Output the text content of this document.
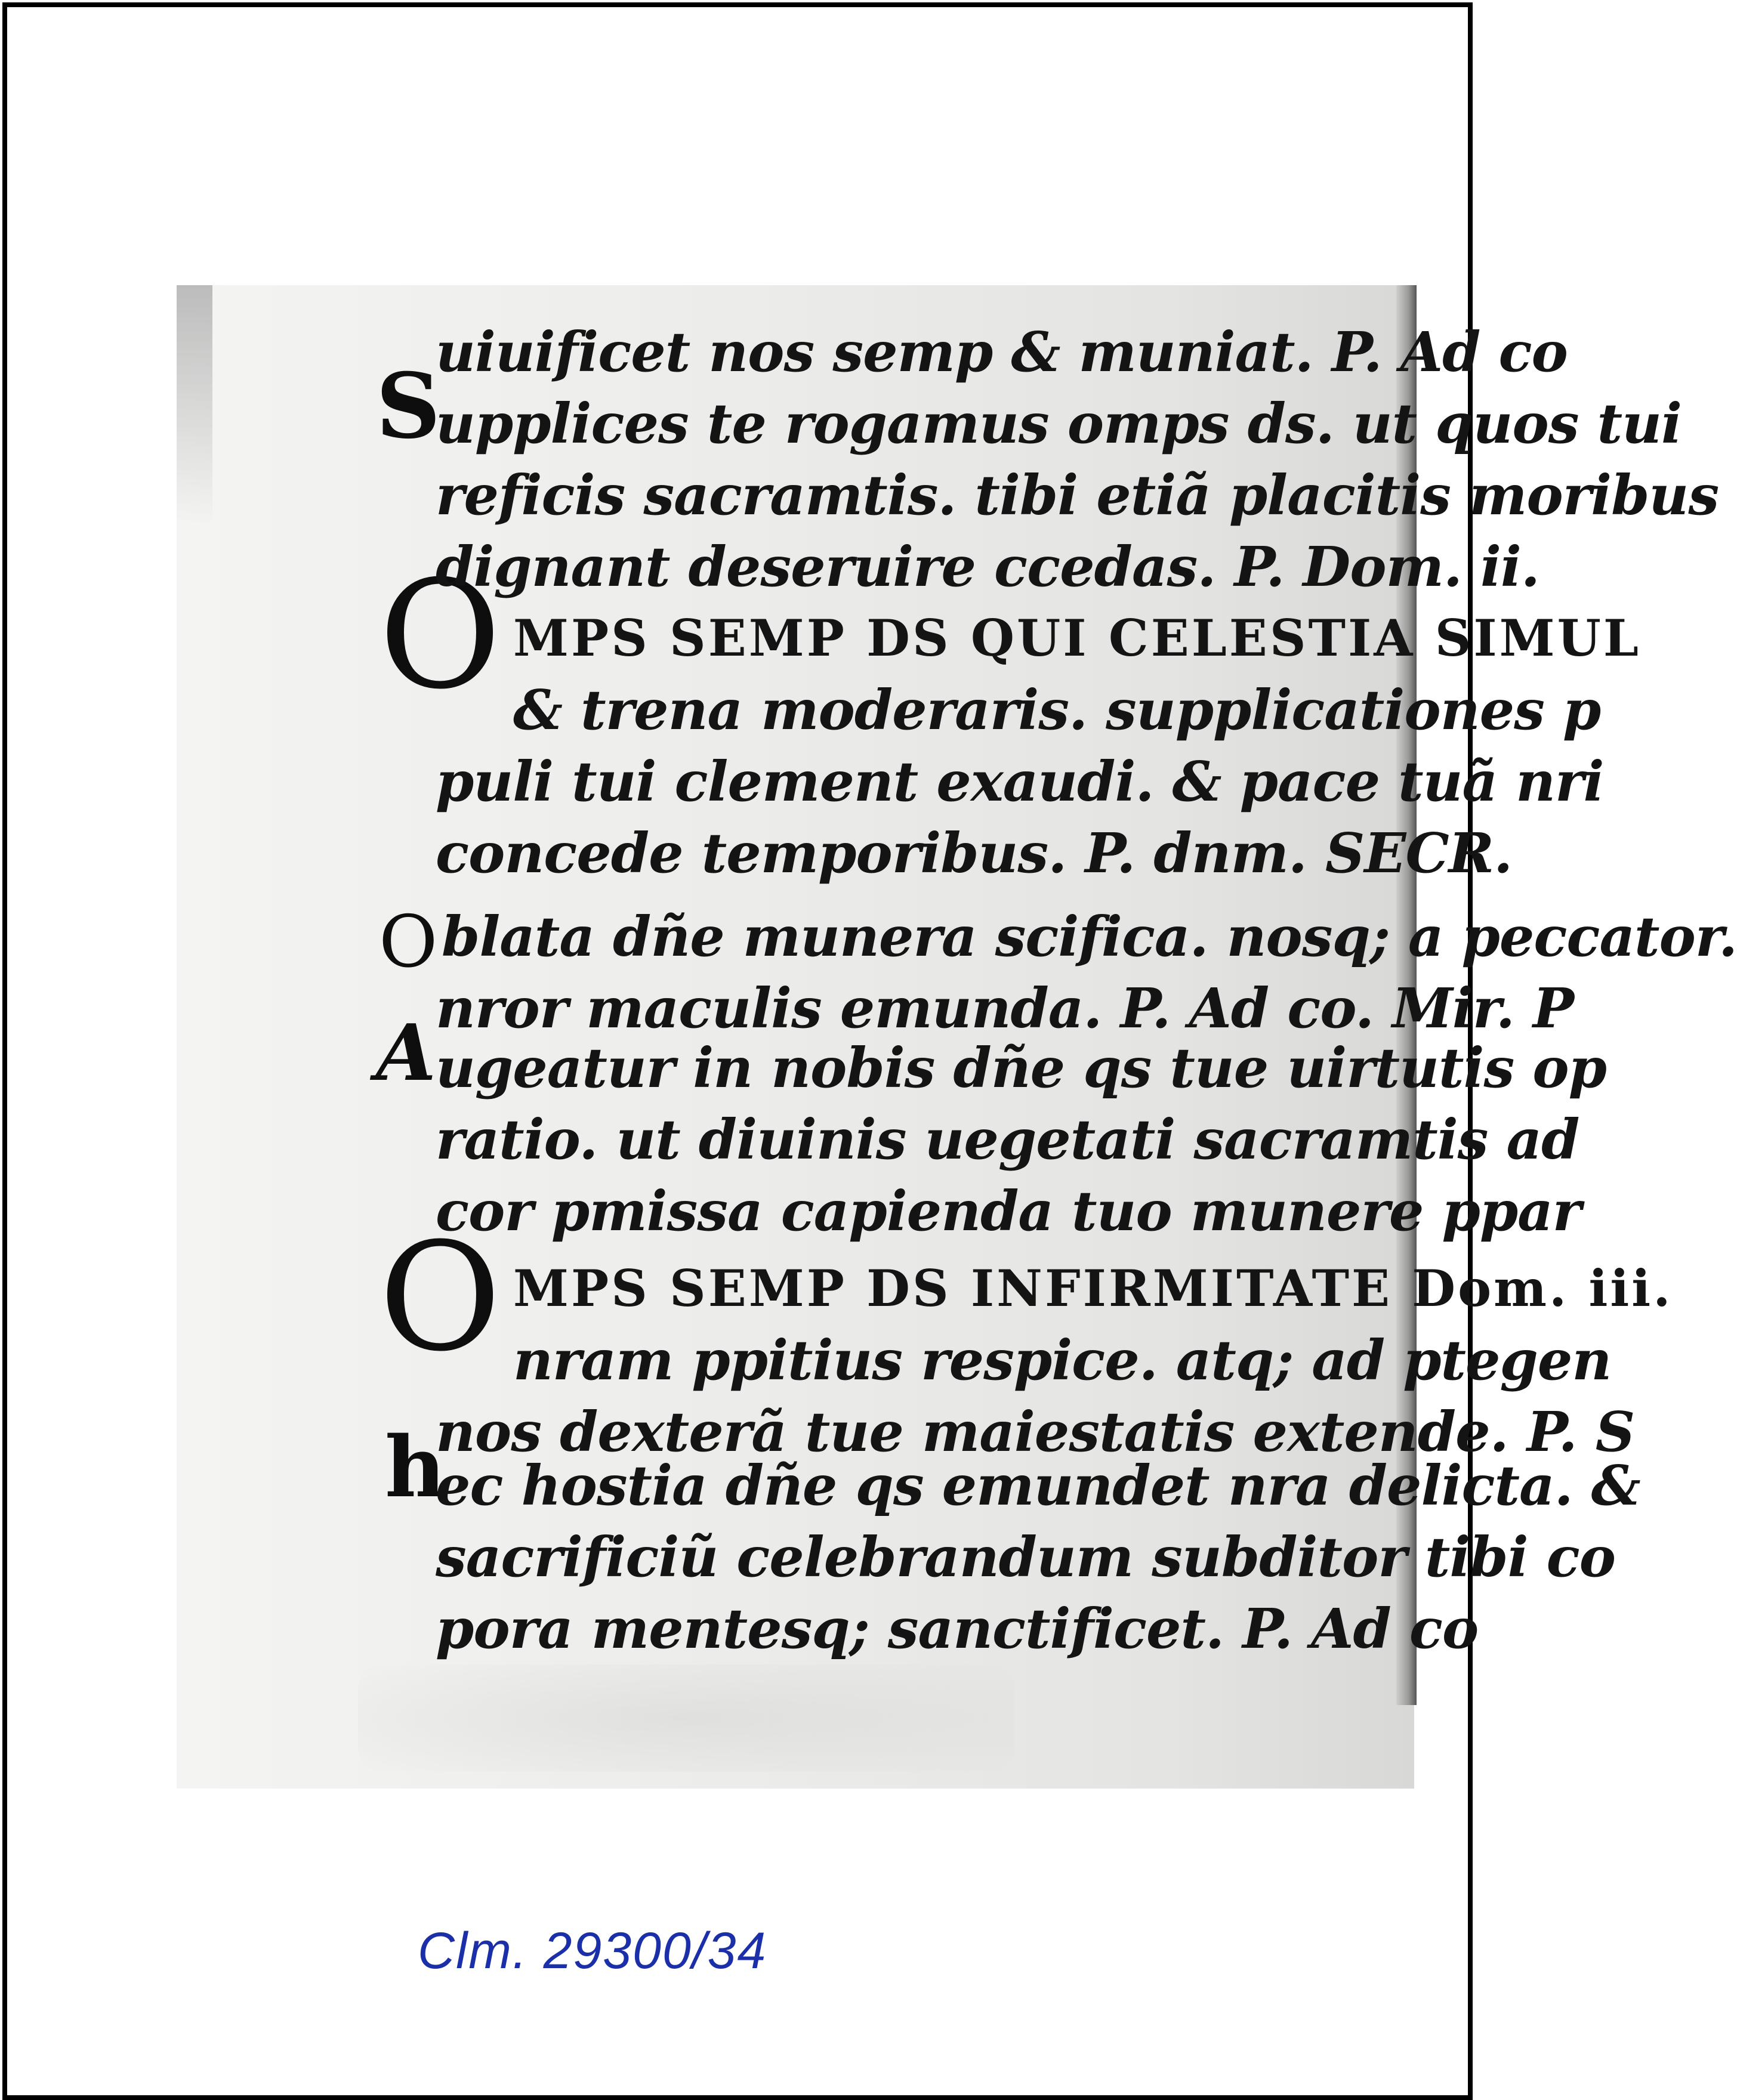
S
O
O
A
O
h
uiuificet nos semp & muniat. P. Ad co
upplices te rogamus omps ds. ut quos tui
reficis sacramtis. tibi etiã placitis moribus
dignant deseruire ccedas. P. Dom. ii.
MPS SEMP DS QUI CELESTIA SIMUL
& trena moderaris. supplicationes p
puli tui clement exaudi. & pace tuã nri
concede temporibus. P. dnm. SECR.
blata dñe munera scifica. nosq; a peccator.
nror maculis emunda. P. Ad co. Mir. P
ugeatur in nobis dñe qs tue uirtutis op
ratio. ut diuinis uegetati sacramtis ad
cor pmissa capienda tuo munere ppar
MPS SEMP DS INFIRMITATE Dom. iii.
nram ppitius respice. atq; ad ptegen
nos dexterã tue maiestatis extende. P. S
ec hostia dñe qs emundet nra delicta. &
sacrificiũ celebrandum subditor tibi co
pora mentesq; sanctificet. P. Ad co
Clm. 29300/34
